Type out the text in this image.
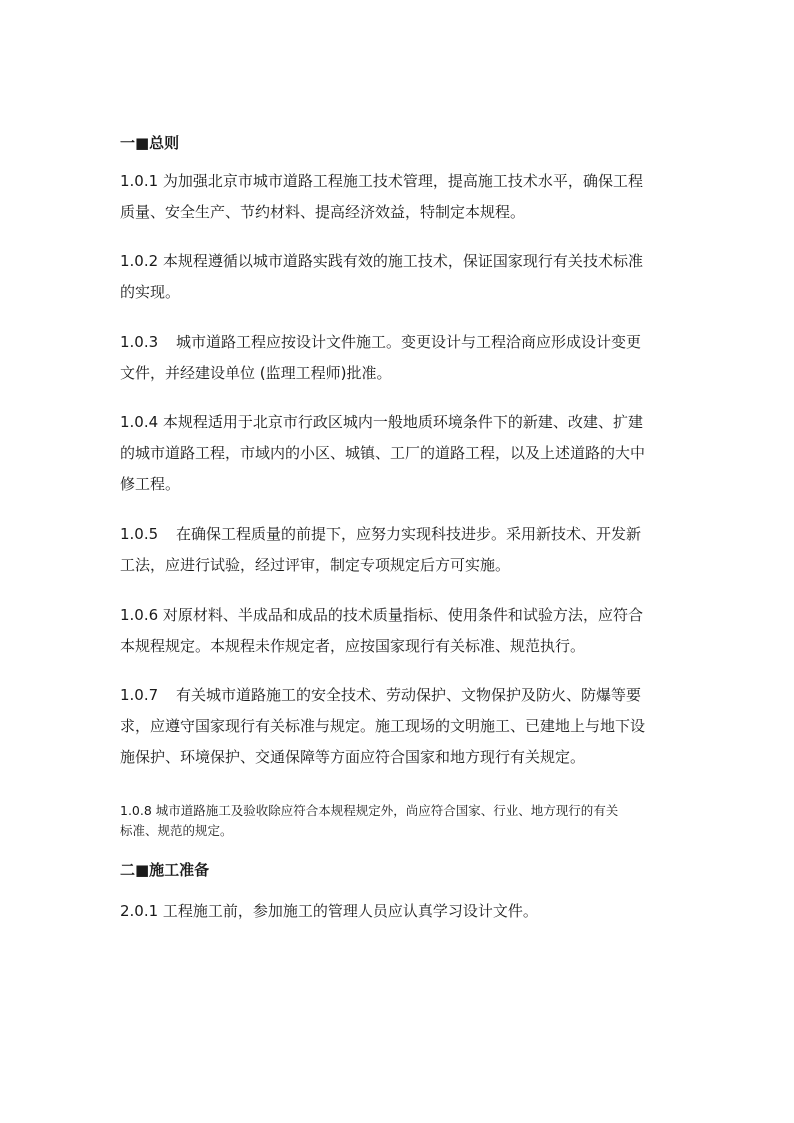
一■总则
1.0.1 为加强北京市城市道路工程施工技术管理，提高施工技术水平，确保工程
质量、安全生产、节约材料、提高经济效益，特制定本规程。
1.0.2 本规程遵循以城市道路实践有效的施工技术，保证国家现行有关技术标准
的实现。
1.0.3 城市道路工程应按设计文件施工。变更设计与工程洽商应形成设计变更
文件，并经建设单位 (监理工程师)批准。
1.0.4 本规程适用于北京市行政区城内一般地质环境条件下的新建、改建、扩建
的城市道路工程，市域内的小区、城镇、工厂的道路工程，以及上述道路的大中
修工程。
1.0.5 在确保工程质量的前提下，应努力实现科技进步。采用新技术、开发新
工法，应进行试验，经过评审，制定专项规定后方可实施。
1.0.6 对原材料、半成品和成品的技术质量指标、使用条件和试验方法，应符合
本规程规定。本规程未作规定者，应按国家现行有关标准、规范执行。
1.0.7 有关城市道路施工的安全技术、劳动保护、文物保护及防火、防爆等要
求，应遵守国家现行有关标准与规定。施工现场的文明施工、已建地上与地下设
施保护、环境保护、交通保障等方面应符合国家和地方现行有关规定。
1.0.8 城市道路施工及验收除应符合本规程规定外，尚应符合国家、行业、地方现行的有关
标准、规范的规定。
二■施工准备
2.0.1 工程施工前，参加施工的管理人员应认真学习设计文件。
